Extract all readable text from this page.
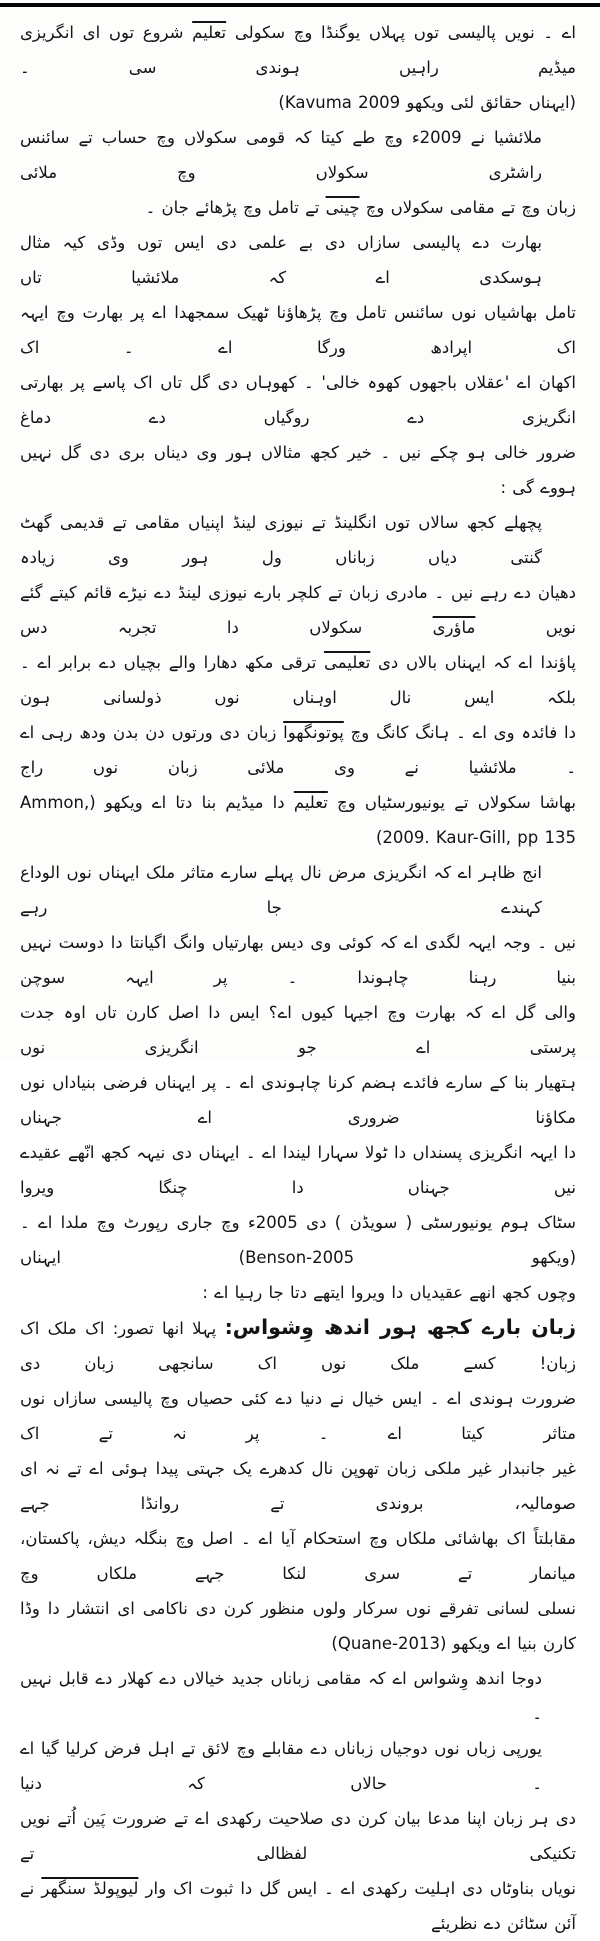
اے ۔ نویں پالیسی توں پہلاں یوگنڈا وچ سکولی تعلیم شروع توں ای انگریزی میڈیم راہیں ہوندی سی ۔
(ایہناں حقائق لئی ویکھو Kavuma 2009)
ملائشیا نے 2009ء وچ طے کیتا کہ قومی سکولاں وچ حساب تے سائنس راشٹری سکولاں وچ ملائی
زبان وچ تے مقامی سکولاں وچ چینی تے تامل وچ پڑھائے جان ۔
بھارت دے پالیسی سازاں دی بے علمی دی ایس توں وڈی کیہ مثال ہوسکدی اے کہ ملائشیا تاں
تامل بھاشیاں نوں سائنس تامل وچ پڑھاؤنا ٹھیک سمجھدا اے پر بھارت وچ ایہہ اک اپرادھ ورگا اے ۔ اک
اکھان اے 'عقلاں باجھوں کھوہ خالی' ۔ کھوہاں دی گل تاں اک پاسے پر بھارتی انگریزی دے روگیاں دے دماغ
ضرور خالی ہو چکے نیں ۔ خیر کجھ مثالاں ہور وی دیناں بری دی گل نہیں ہووے گی :
پچھلے کجھ سالاں توں انگلینڈ تے نیوزی لینڈ اپنیاں مقامی تے قدیمی گھٹ گنتی دیاں زباناں ول ہور وی زیادہ
دھیان دے رہے نیں ۔ مادری زبان تے کلچر بارے نیوزی لینڈ دے نیڑے قائم کیتے گئے نویں ماؤری سکولاں دا تجربہ دس
پاؤندا اے کہ ایہناں بالاں دی تعلیمی ترقی مکھ دھارا والے بچیاں دے برابر اے ۔ بلکہ ایس نال اوہناں نوں ذولسانی ہون
دا فائدہ وی اے ۔ ہانگ کانگ وچ پوتونگھوا زبان دی ورتوں دن بدن ودھ رہی اے ۔ ملائشیا نے وی ملائی زبان نوں راج
بھاشا سکولاں تے یونیورسٹیاں وچ تعلیم دا میڈیم بنا دتا اے ویکھو (Ammon, 2009. Kaur-Gill, pp 135)
انج ظاہر اے کہ انگریزی مرض نال پہلے سارے متاثر ملک ایہناں نوں الوداع کہندے جا رہے
نیں ۔ وجہ ایہہ لگدی اے کہ کوئی وی دیس بھارتیاں وانگ اگیانتا دا دوست نہیں بنیا رہنا چاہوندا ۔ پر ایہہ سوچن
والی گل اے کہ بھارت وچ اجیہا کیوں اے؟ ایس دا اصل کارن تاں اوہ جدت پرستی اے جو انگریزی نوں
ہتھیار بنا کے سارے فائدے ہضم کرنا چاہوندی اے ۔ پر ایہناں فرضی بنیاداں نوں مکاؤنا ضروری اے جہناں
دا ایہہ انگریزی پسنداں دا ٹولا سہارا لیندا اے ۔ ایہناں دی نیہہ کجھ انّھے عقیدے نیں جہناں دا چنگا ویروا
سٹاک ہوم یونیورسٹی ( سویڈن ) دی 2005ء وچ جاری رپورٹ وچ ملدا اے ۔ (ویکھو Benson-2005) ایہناں
وچوں کجھ انھے عقیدیاں دا ویروا ایتھے دتا جا رہیا اے :
زبان بارے کجھ ہور اندھ وِشواس: پہلا انھا تصور: اک ملک اک زبان! کسے ملک نوں اک سانجھی زبان دی
ضرورت ہوندی اے ۔ ایس خیال نے دنیا دے کئی حصیاں وچ پالیسی سازاں نوں متاثر کیتا اے ۔ پر نہ تے اک
غیر جانبدار غیر ملکی زبان تھوپن نال کدھرے یک جہتی پیدا ہوئی اے تے نہ ای صومالیہ، بروندی تے روانڈا جہے
مقابلتاً اک بھاشائی ملکاں وچ استحکام آیا اے ۔ اصل وچ بنگلہ دیش، پاکستان، میانمار تے سری لنکا جہے ملکاں وچ
نسلی لسانی تفرقے نوں سرکار ولوں منظور کرن دی ناکامی ای انتشار دا وڈا کارن بنیا اے ویکھو (Quane-2013)
دوجا اندھ وِشواس اے کہ مقامی زباناں جدید خیالاں دے کھلار دے قابل نہیں ۔
یورپی زباں نوں دوجیاں زباناں دے مقابلے وچ لائق تے اہل فرض کرلیا گیا اے ۔ حالاں کہ دنیا
دی ہر زبان اپنا مدعا بیان کرن دی صلاحیت رکھدی اے تے ضرورت پَین اُتے نویں تکنیکی لفظالی تے
نویاں بناوٹاں دی اہلیت رکھدی اے ۔ ایس گل دا ثبوت اک وار لیوپولڈ سنگھر نے آئن سٹائن دے نظریئے
